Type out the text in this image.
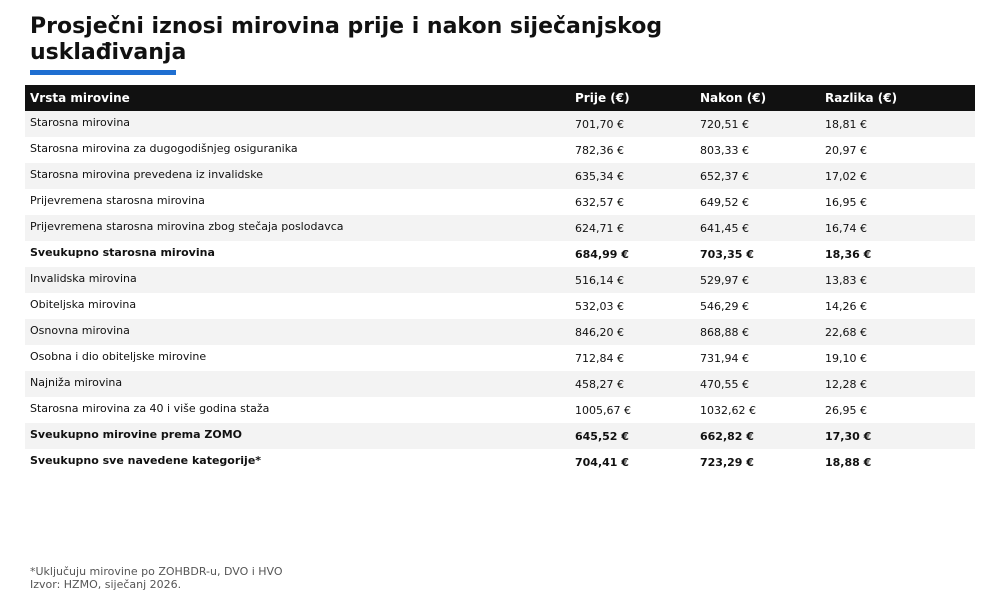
Prosječni iznosi mirovina prije i nakon siječanjskog usklađivanja
Vrsta mirovine	Prije (€)	Nakon (€)	Razlika (€)
Starosna mirovina	701,70 €	720,51 €	18,81 €
Starosna mirovina za dugogodišnjeg osiguranika	782,36 €	803,33 €	20,97 €
Starosna mirovina prevedena iz invalidske	635,34 €	652,37 €	17,02 €
Prijevremena starosna mirovina	632,57 €	649,52 €	16,95 €
Prijevremena starosna mirovina zbog stečaja poslodavca	624,71 €	641,45 €	16,74 €
Sveukupno starosna mirovina	684,99 €	703,35 €	18,36 €
Invalidska mirovina	516,14 €	529,97 €	13,83 €
Obiteljska mirovina	532,03 €	546,29 €	14,26 €
Osnovna mirovina	846,20 €	868,88 €	22,68 €
Osobna i dio obiteljske mirovine	712,84 €	731,94 €	19,10 €
Najniža mirovina	458,27 €	470,55 €	12,28 €
Starosna mirovina za 40 i više godina staža	1005,67 €	1032,62 €	26,95 €
Sveukupno mirovine prema ZOMO	645,52 €	662,82 €	17,30 €
Sveukupno sve navedene kategorije*	704,41 €	723,29 €	18,88 €
*Uključuju mirovine po ZOHBDR-u, DVO i HVO
Izvor: HZMO, siječanj 2026.
